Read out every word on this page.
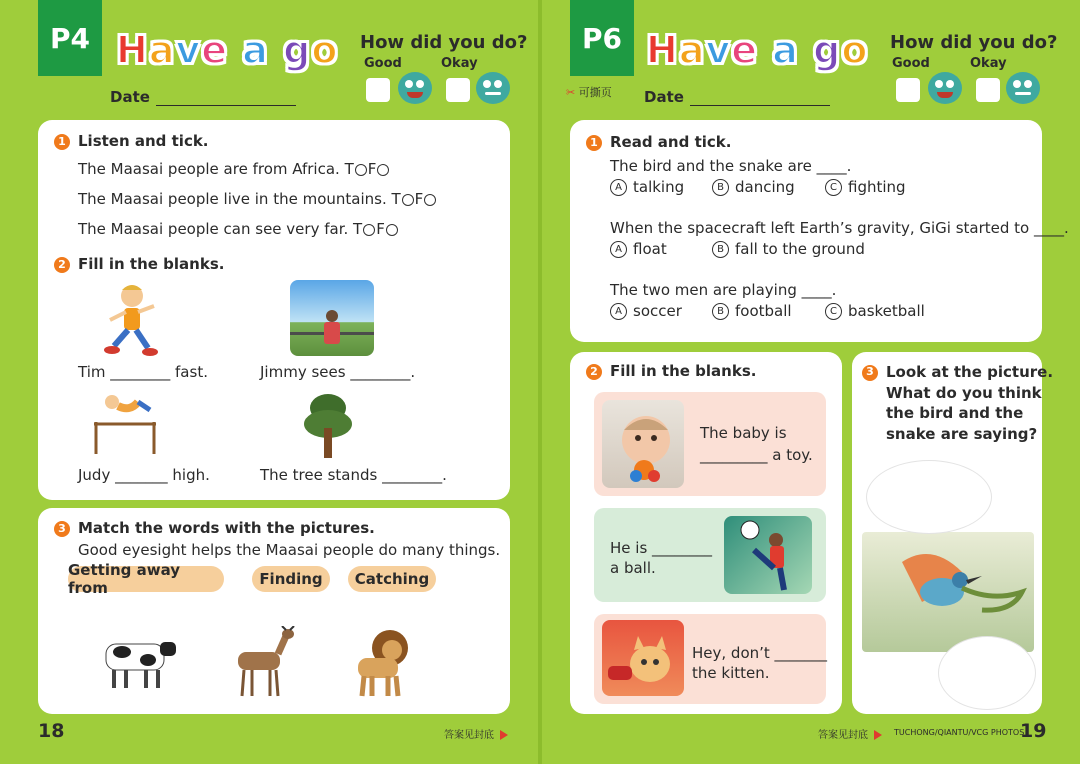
P4 Have a go
Date
How did you do?
Good	Okay
1 Listen and tick.
The Maasai people are from Africa. T F
The Maasai people live in the mountains. T F
The Maasai people can see very far. T F
2 Fill in the blanks.
Tim ________ fast.	Jimmy sees ________.
Judy _______ high.	The tree stands ________.
3 Match the words with the pictures.
Good eyesight helps the Maasai people do many things.
Getting away from	Finding	Catching
18	答案见封底
P6 Have a go
✂ 可撕页 Date
How did you do?
Good	Okay
1 Read and tick.
The bird and the snake are ____.
A talking	B dancing	C fighting
When the spacecraft left Earth’s gravity, GiGi started to ____.
A float	B fall to the ground
The two men are playing ____.
A soccer	B football	C basketball
2 Fill in the blanks.
The baby is
_________ a toy.
He is ________
a ball.
Hey, don’t _______
the kitten.
3 Look at the picture.
What do you think
the bird and the
snake are saying?
答案见封底	TUCHONG/QIANTU/VCG PHOTOS
19
